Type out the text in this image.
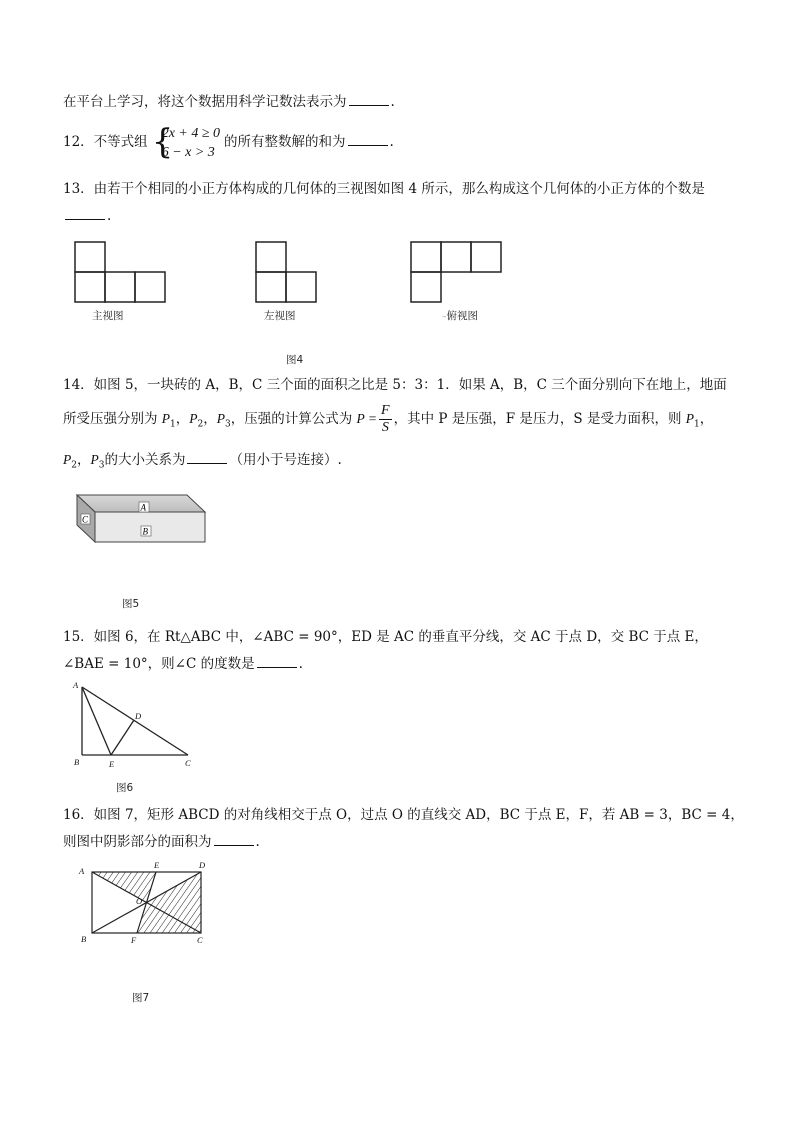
在平台上学习，将这个数据用科学记数法表示为	.
12．不等式组 {
2x + 4 ≥ 0
6 − x > 3
的所有整数解的和为	.
13．由若干个相同的小正方体构成的几何体的三视图如图 4 所示，那么构成这个几何体的小正方体的个数是
.
主视图	左视图	–俯视图
图4
14．如图 5，一块砖的 A，B，C 三个面的面积之比是 5：3：1．如果 A，B，C 三个面分别向下在地上，地面
所受压强分别为 $P_1$，$P_2$，$P_3$，压强的计算公式为 $P = \frac{F}{S}$ ，其中 P 是压强，F 是压力，S 是受力面积，则 $P_1$，
$P_2$，$P_3$的大小关系为	（用小于号连接）.
A
B
C
图5
15．如图 6，在 Rt△ABC 中，∠ABC = 90°，ED 是 AC 的垂直平分线，交 AC 于点 D，交 BC 于点 E，
∠BAE = 10°，则∠C 的度数是	.
A
B	C
D
E
图6
16．如图 7，矩形 ABCD 的对角线相交于点 O，过点 O 的直线交 AD，BC 于点 E，F，若 AB = 3，BC = 4，
则图中阴影部分的面积为	.
A
D
E
O
B	F	C
图7
